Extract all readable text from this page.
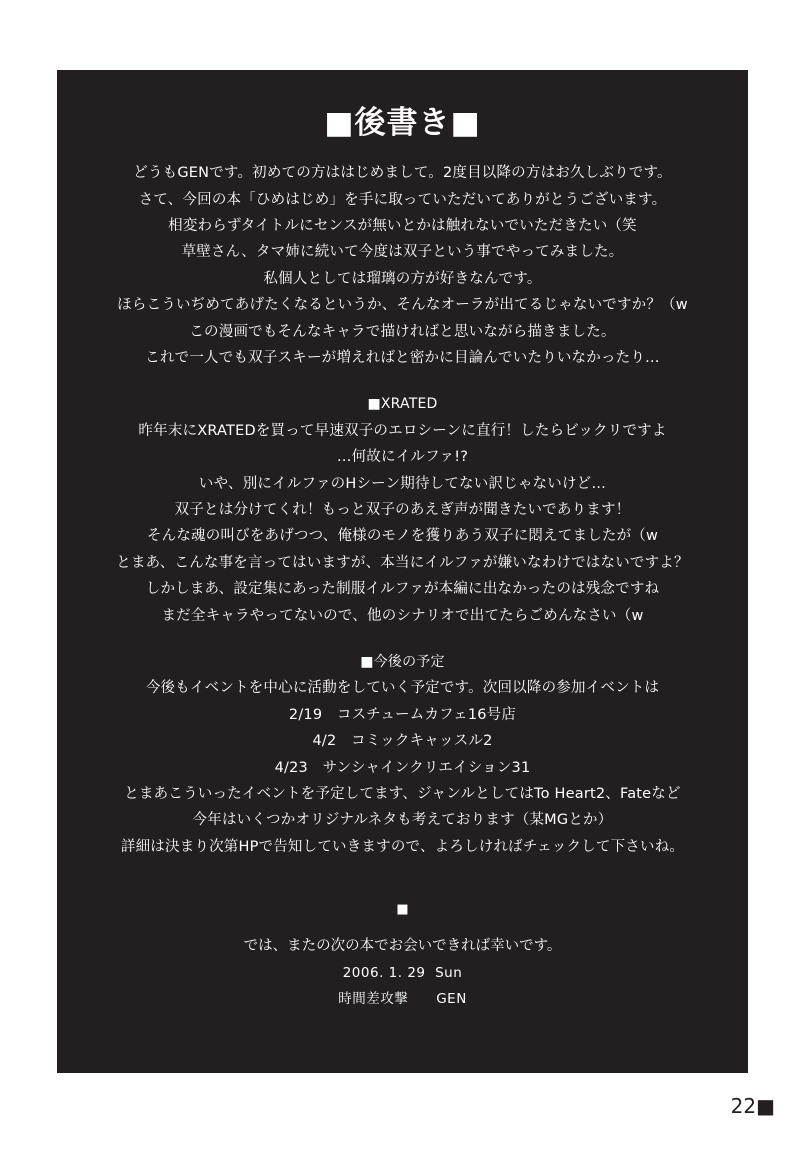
■後書き■
どうもGENです。初めての方ははじめまして。2度目以降の方はお久しぶりです。
さて、今回の本「ひめはじめ」を手に取っていただいてありがとうございます。
相変わらずタイトルにセンスが無いとかは触れないでいただきたい（笑
草壁さん、タマ姉に続いて今度は双子という事でやってみました。
私個人としては瑠璃の方が好きなんです。
ほらこういぢめてあげたくなるというか、そんなオーラが出てるじゃないですか？（w
この漫画でもそんなキャラで描ければと思いながら描きました。
これで一人でも双子スキーが増えればと密かに目論んでいたりいなかったり…
■XRATED
昨年末にXRATEDを買って早速双子のエロシーンに直行！したらビックリですよ
…何故にイルファ!?
いや、別にイルファのHシーン期待してない訳じゃないけど…
双子とは分けてくれ！もっと双子のあえぎ声が聞きたいであります！
そんな魂の叫びをあげつつ、俺様のモノを獲りあう双子に悶えてましたが（w
とまあ、こんな事を言ってはいますが、本当にイルファが嫌いなわけではないですよ？
しかしまあ、設定集にあった制服イルファが本編に出なかったのは残念ですね
まだ全キャラやってないので、他のシナリオで出てたらごめんなさい（w
■今後の予定
今後もイベントを中心に活動をしていく予定です。次回以降の参加イベントは
2/19　コスチュームカフェ16号店
4/2　コミックキャッスル2
4/23　サンシャインクリエイション31
とまあこういったイベントを予定してます、ジャンルとしてはTo Heart2、Fateなど
今年はいくつかオリジナルネタも考えております（某MGとか）
詳細は決まり次第HPで告知していきますので、よろしければチェックして下さいね。
■
では、またの次の本でお会いできれば幸いです。
2006. 1. 29  Sun
時間差攻撃　　GEN
22■
